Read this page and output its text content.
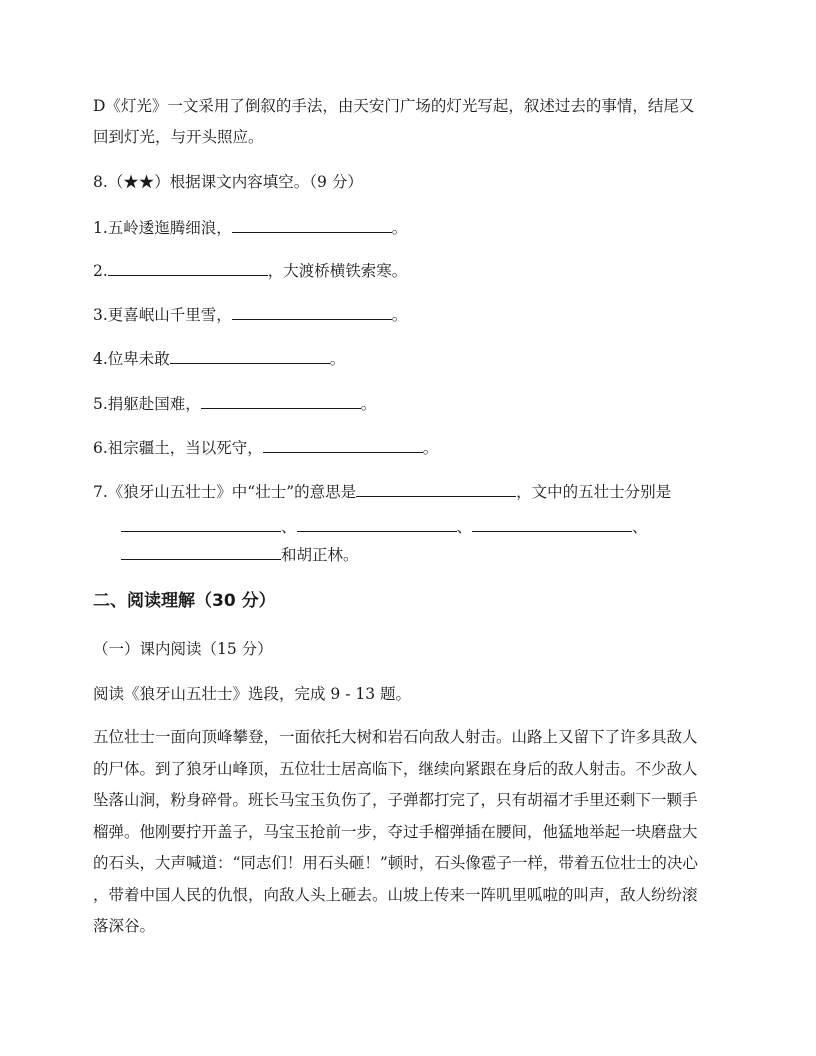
D《灯光》一文采用了倒叙的手法，由天安门广场的灯光写起，叙述过去的事情，结尾又
回到灯光，与开头照应。
8.（★★）根据课文内容填空。（9 分）
1.五岭逶迤腾细浪，	。
2.	，大渡桥横铁索寒。
3.更喜岷山千里雪，	。
4.位卑未敢	。
5.捐躯赴国难，	。
6.祖宗疆土，当以死守，	。
7.《狼牙山五壮士》中“壮士”的意思是	，文中的五壮士分别是
、	、	、
和胡正林。
二、阅读理解（30 分）
（一）课内阅读（15 分）
阅读《狼牙山五壮士》选段，完成 9 - 13 题。
五位壮士一面向顶峰攀登，一面依托大树和岩石向敌人射击。山路上又留下了许多具敌人
的尸体。到了狼牙山峰顶，五位壮士居高临下，继续向紧跟在身后的敌人射击。不少敌人
坠落山涧，粉身碎骨。班长马宝玉负伤了，子弹都打完了，只有胡福才手里还剩下一颗手
榴弹。他刚要拧开盖子，马宝玉抢前一步，夺过手榴弹插在腰间，他猛地举起一块磨盘大
的石头，大声喊道：“同志们！用石头砸！”顿时，石头像雹子一样，带着五位壮士的决心
，带着中国人民的仇恨，向敌人头上砸去。山坡上传来一阵叽里呱啦的叫声，敌人纷纷滚
落深谷。
